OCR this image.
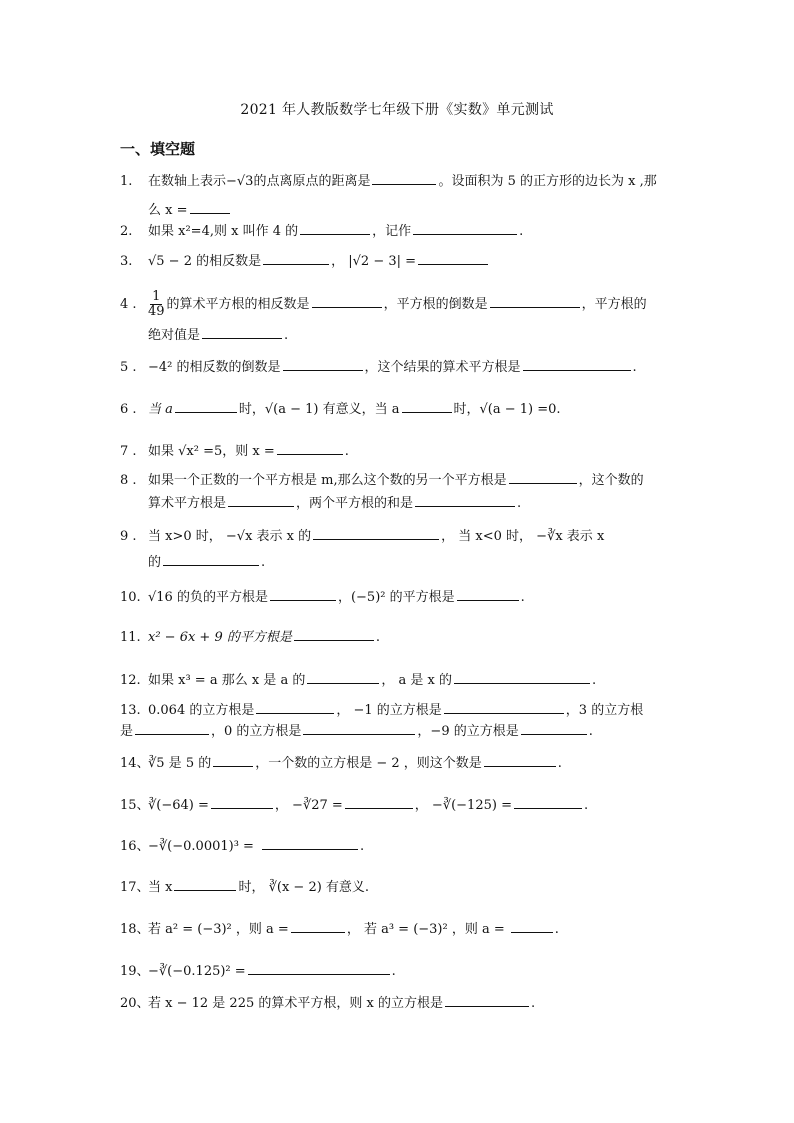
2021 年人教版数学七年级下册《实数》单元测试
一、填空题
1. 在数轴上表示−√3的点离原点的距离是	。设面积为 5 的正方形的边长为 x ,那
么 x =
2. 如果 x²=4,则 x 叫作 4 的	，记作	.
3. √5 − 2 的相反数是	， |√2 − 3| =
4 . $\frac{1}{49}$ 的算术平方根的相反数是	，平方根的倒数是	，平方根的
绝对值是	.
5 . −4² 的相反数的倒数是	，这个结果的算术平方根是	.
6 . 当 a	时，√(a − 1) 有意义，当 a	时，√(a − 1) =0.
7 . 如果 √x² =5，则 x =	.
8 . 如果一个正数的一个平方根是 m,那么这个数的另一个平方根是	，这个数的
算术平方根是	，两个平方根的和是	.
9 . 当 x>0 时， −√x 表示 x 的	， 当 x<0 时， −∛x 表示 x
的	.
10. √16 的负的平方根是	，(−5)² 的平方根是	.
11. x² − 6x + 9 的平方根是	.
12. 如果 x³ = a 那么 x 是 a 的	， a 是 x 的	.
13. 0.064 的立方根是	， −1 的立方根是	，3 的立方根
是	，0 的立方根是	，−9 的立方根是	.
14、∛5 是 5 的	，一个数的立方根是 − 2 ，则这个数是	.
15、∛(−64) =	， −∛27 =	， −∛(−125) =	.
16、−∛(−0.0001)³ =	.
17、当 x	时， ∛(x − 2) 有意义.
18、若 a² = (−3)² ，则 a =	， 若 a³ = (−3)² ，则 a =	.
19、−∛(−0.125)² =	.
20、若 x − 12 是 225 的算术平方根，则 x 的立方根是	.
